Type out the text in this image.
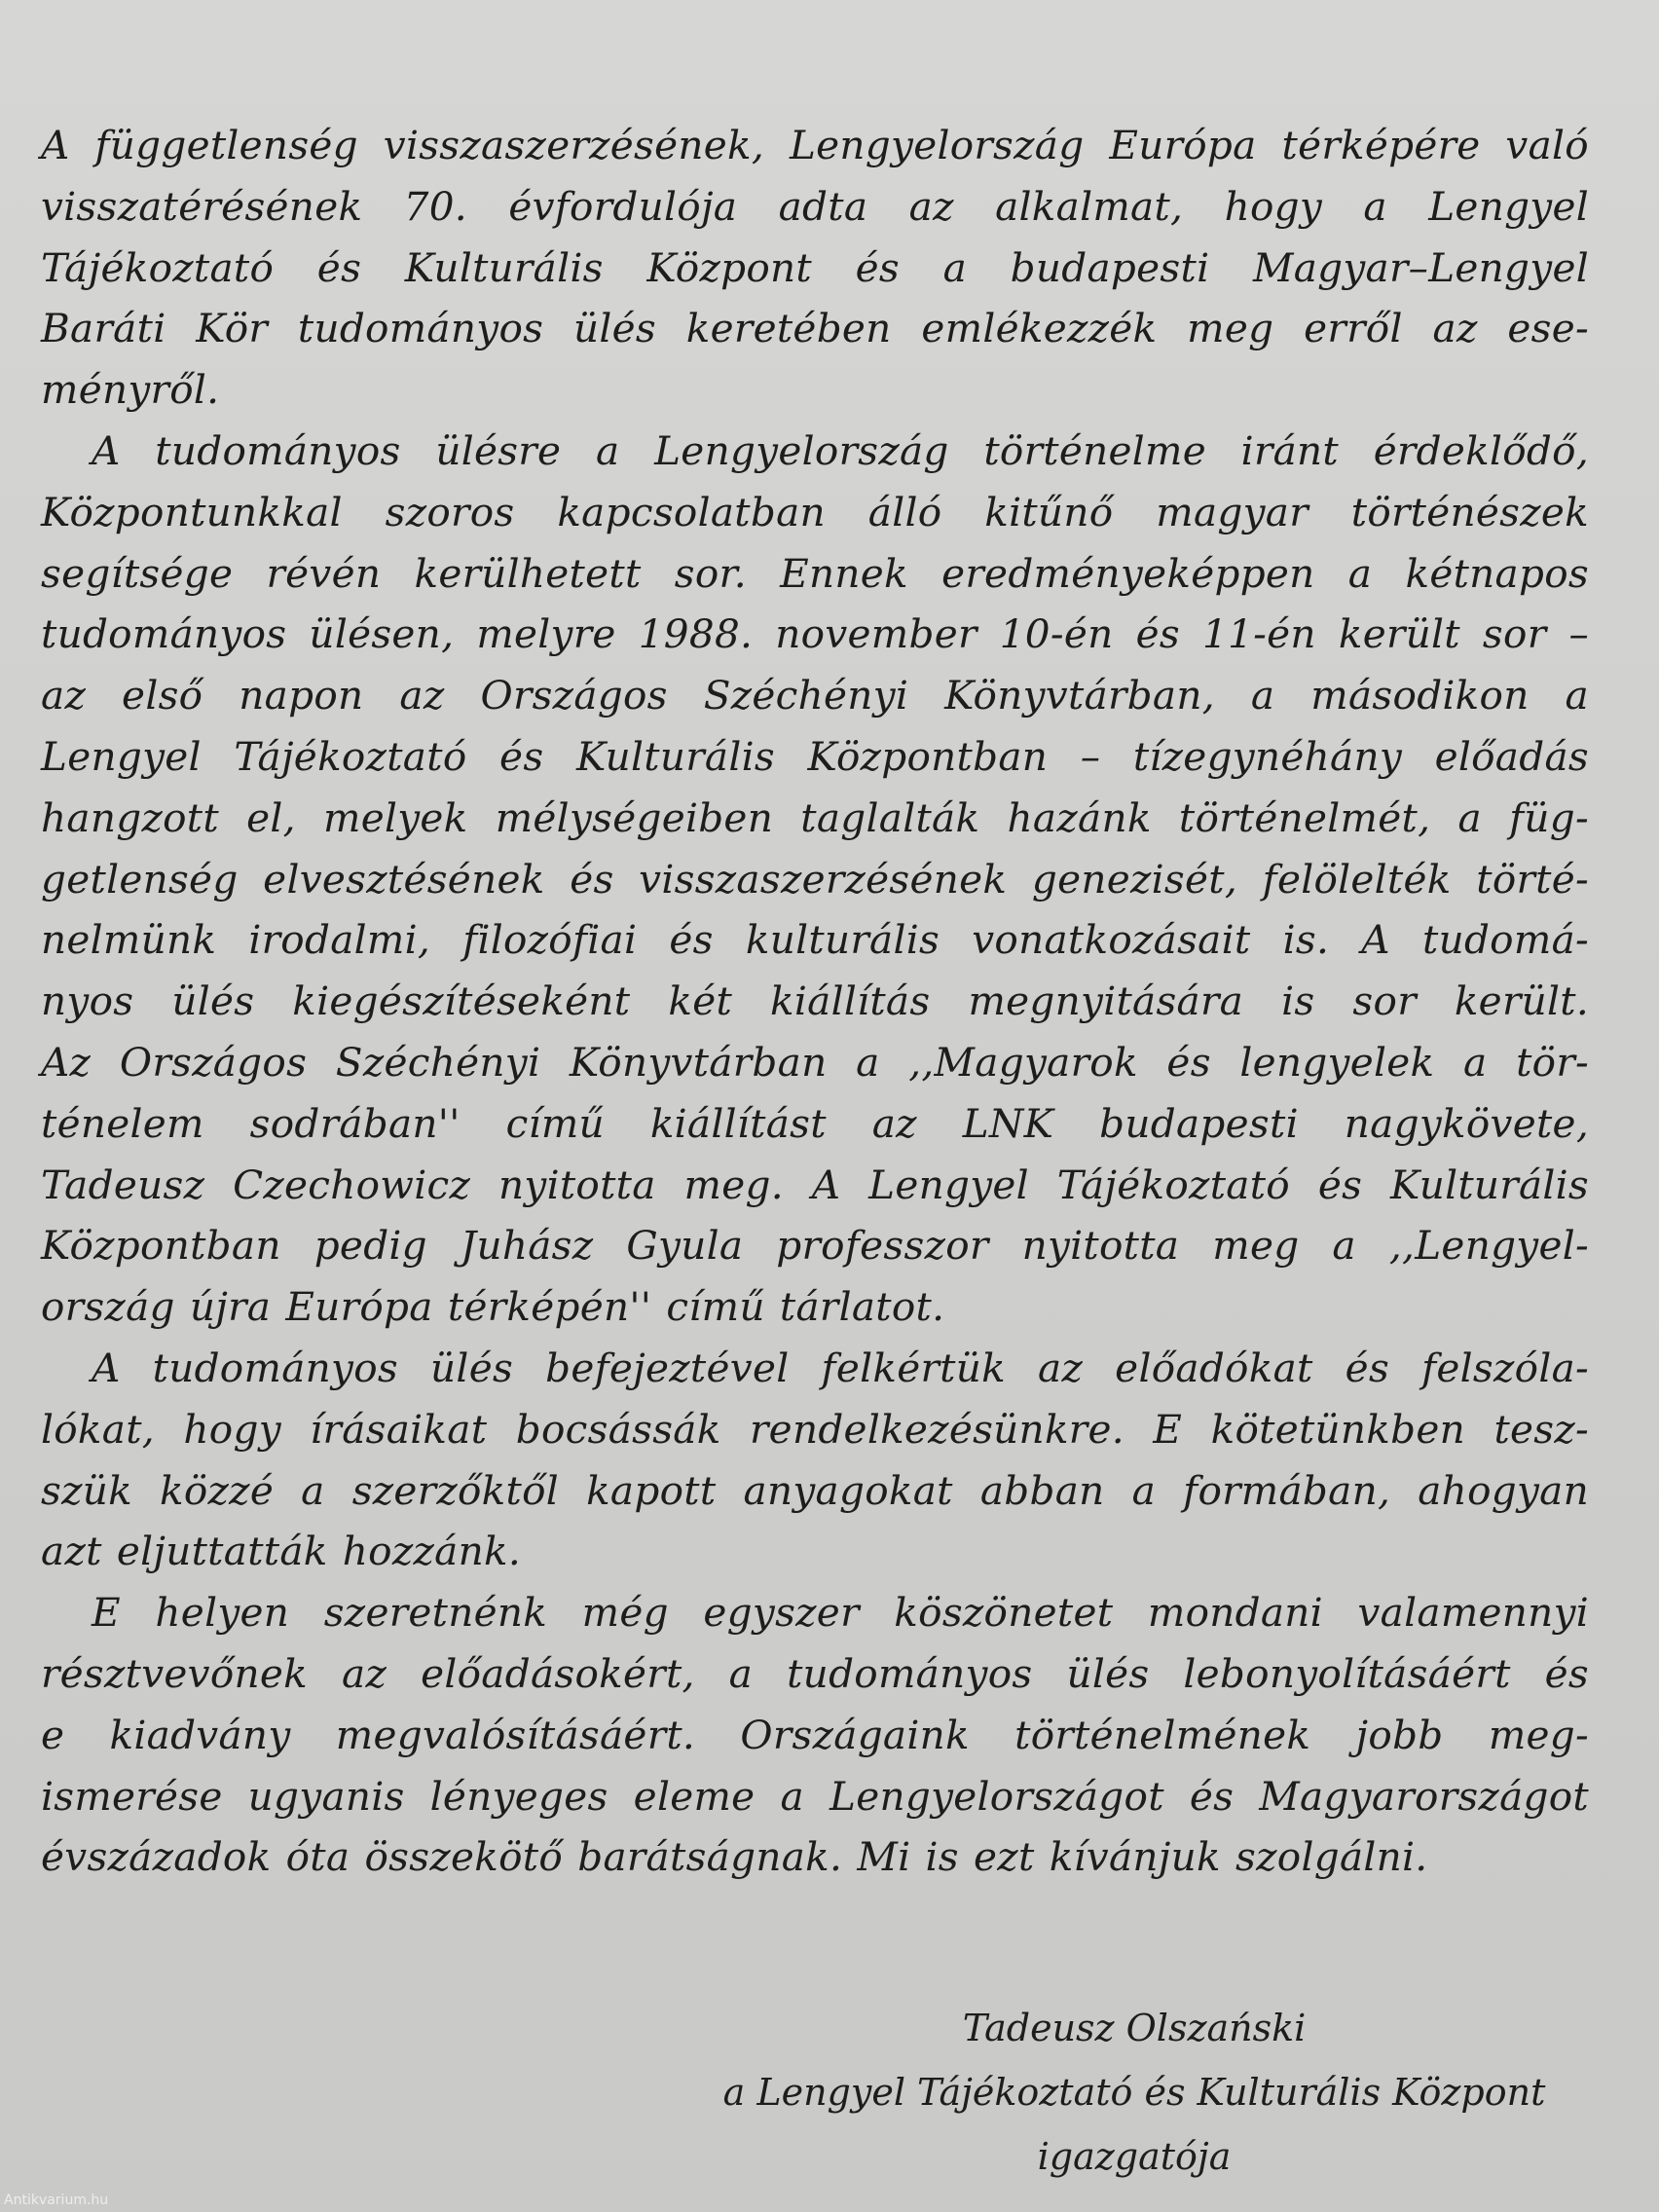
A függetlenség visszaszerzésének, Lengyelország Európa térképére való
visszatérésének 70. évfordulója adta az alkalmat, hogy a Lengyel
Tájékoztató és Kulturális Központ és a budapesti Magyar–Lengyel
Baráti Kör tudományos ülés keretében emlékezzék meg erről az ese-
ményről.
A tudományos ülésre a Lengyelország történelme iránt érdeklődő,
Központunkkal szoros kapcsolatban álló kitűnő magyar történészek
segítsége révén kerülhetett sor. Ennek eredményeképpen a kétnapos
tudományos ülésen, melyre 1988. november 10-én és 11-én került sor –
az első napon az Országos Széchényi Könyvtárban, a másodikon a
Lengyel Tájékoztató és Kulturális Központban – tízegynéhány előadás
hangzott el, melyek mélységeiben taglalták hazánk történelmét, a füg-
getlenség elvesztésének és visszaszerzésének genezisét, felölelték törté-
nelmünk irodalmi, filozófiai és kulturális vonatkozásait is. A tudomá-
nyos ülés kiegészítéseként két kiállítás megnyitására is sor került.
Az Országos Széchényi Könyvtárban a ,,Magyarok és lengyelek a tör-
ténelem sodrában'' című kiállítást az LNK budapesti nagykövete,
Tadeusz Czechowicz nyitotta meg. A Lengyel Tájékoztató és Kulturális
Központban pedig Juhász Gyula professzor nyitotta meg a ,,Lengyel-
ország újra Európa térképén'' című tárlatot.
A tudományos ülés befejeztével felkértük az előadókat és felszóla-
lókat, hogy írásaikat bocsássák rendelkezésünkre. E kötetünkben tesz-
szük közzé a szerzőktől kapott anyagokat abban a formában, ahogyan
azt eljuttatták hozzánk.
E helyen szeretnénk még egyszer köszönetet mondani valamennyi
résztvevőnek az előadásokért, a tudományos ülés lebonyolításáért és
e kiadvány megvalósításáért. Országaink történelmének jobb meg-
ismerése ugyanis lényeges eleme a Lengyelországot és Magyarországot
évszázadok óta összekötő barátságnak. Mi is ezt kívánjuk szolgálni.
Tadeusz Olszański
a Lengyel Tájékoztató és Kulturális Központ
igazgatója
Antikvarium.hu
